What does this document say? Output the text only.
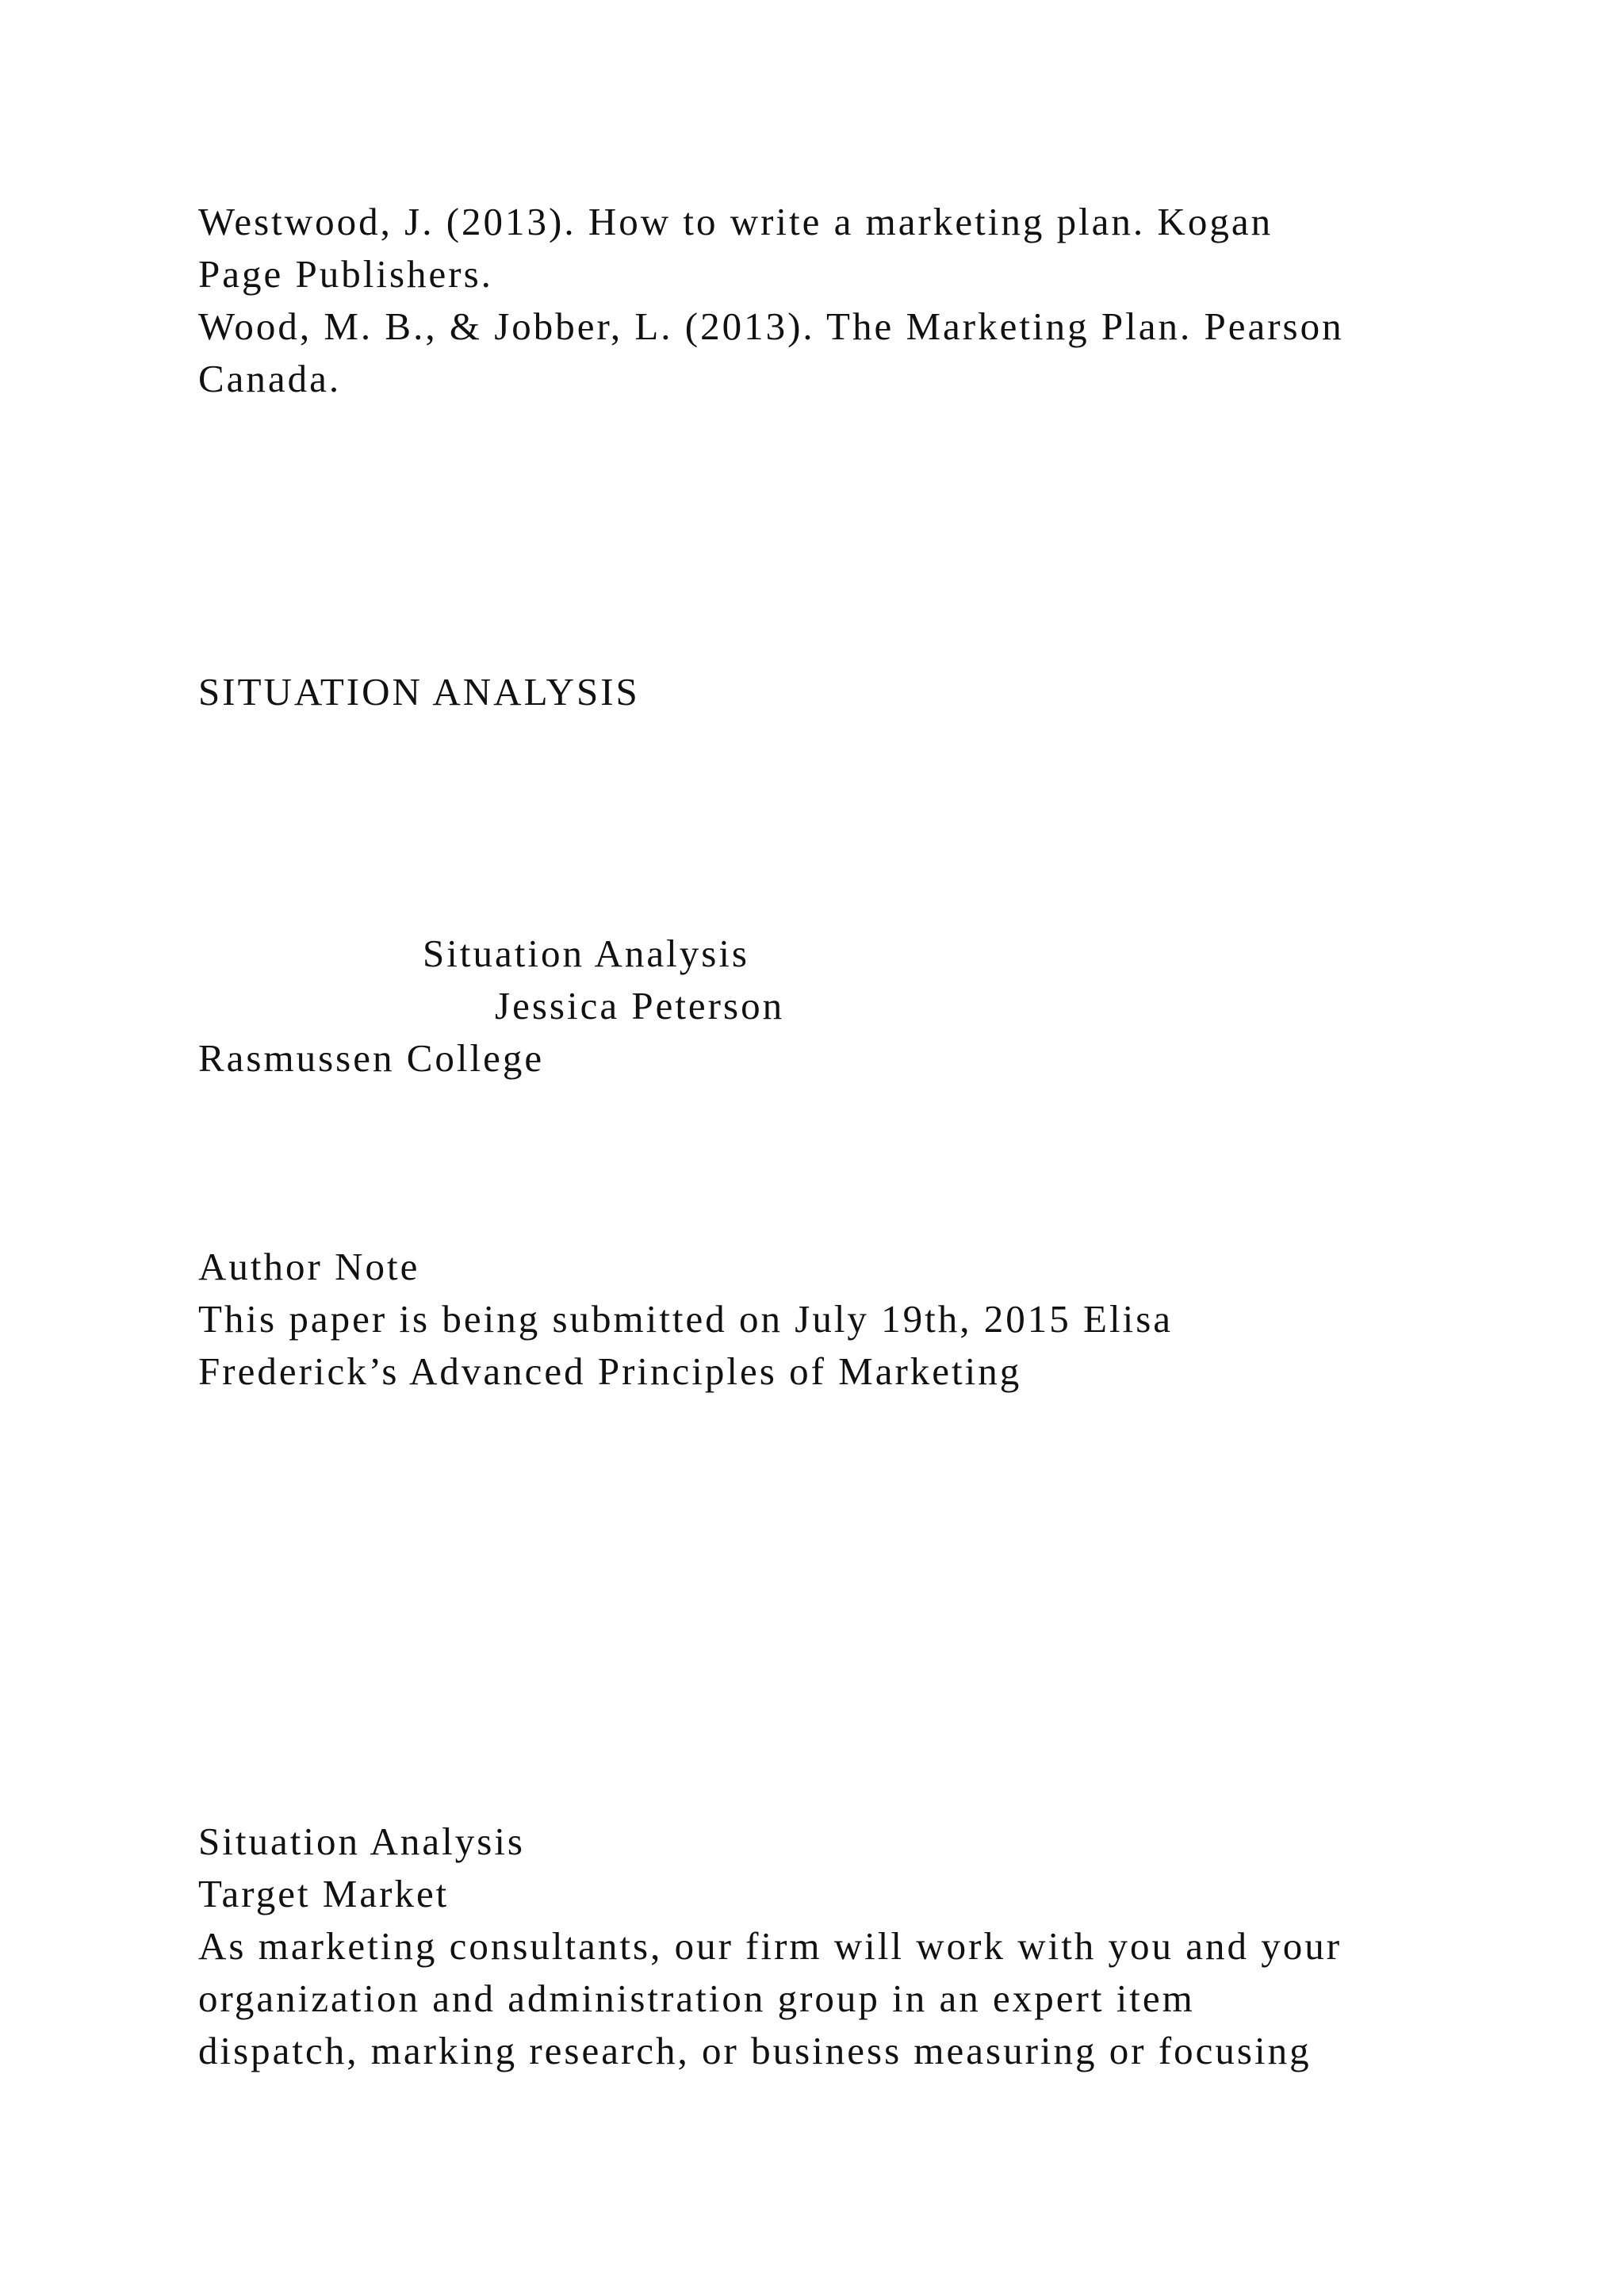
Westwood, J. (2013). How to write a marketing plan. Kogan

Page Publishers.

Wood, M. B., & Jobber, L. (2013). The Marketing Plan. Pearson

Canada.

SITUATION ANALYSIS

Situation Analysis

Jessica Peterson

Rasmussen College

Author Note

This paper is being submitted on July 19th, 2015 Elisa

Frederick’s Advanced Principles of Marketing

Situation Analysis

Target Market

As marketing consultants, our firm will work with you and your

organization and administration group in an expert item

dispatch, marking research, or business measuring or focusing
